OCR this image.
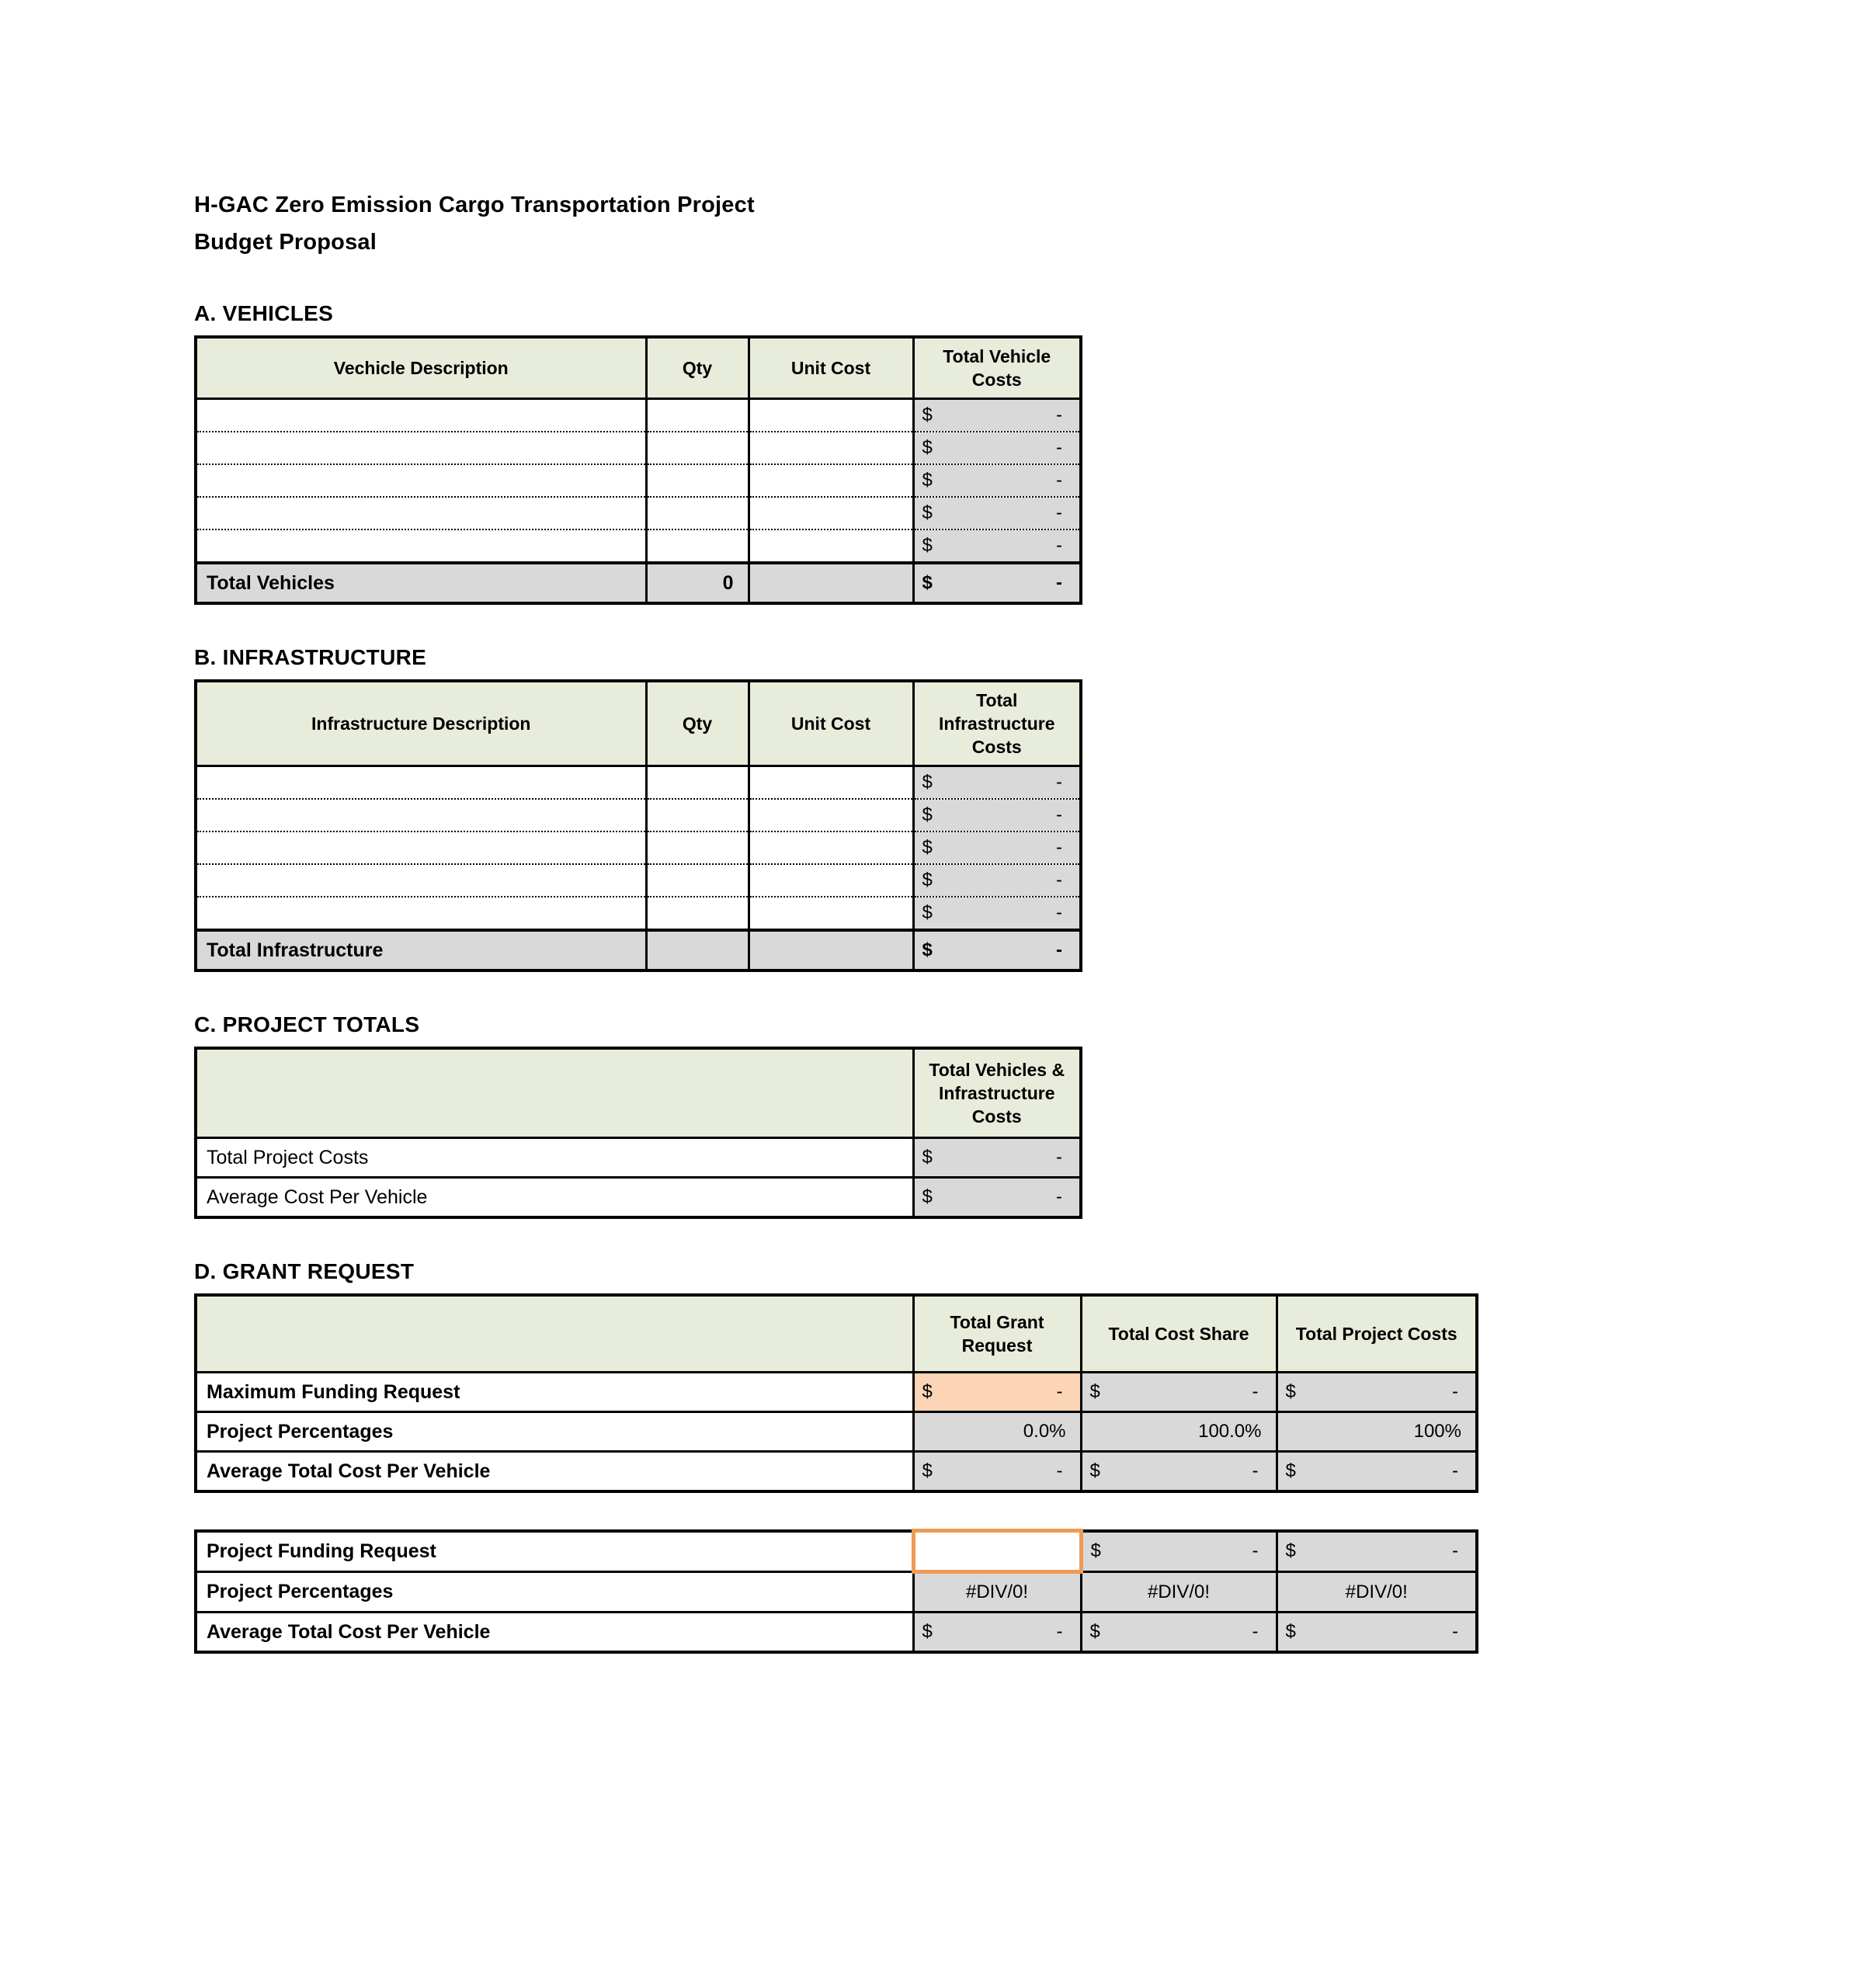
H-GAC Zero Emission Cargo Transportation Project
Budget Proposal
A. VEHICLES
Vechicle Description	Qty	Unit Cost	Total Vehicle Costs

			$ -

			$ -

			$ -

			$ -

			$ -

Total Vehicles	0		$ -
B. INFRASTRUCTURE
Infrastructure Description	Qty	Unit Cost	Total Infrastructure Costs

			$ -

			$ -

			$ -

			$ -

			$ -

Total Infrastructure			$ -
C. PROJECT TOTALS
	Total Vehicles & Infrastructure Costs
Total Project Costs	$ -

Average Cost Per Vehicle	$ -
D. GRANT REQUEST
	Total Grant Request	Total Cost Share	Total Project Costs
Maximum Funding Request	$ -	$ -	$ -

Project Percentages	0.0%	100.0%	100%
Average Total Cost Per Vehicle	$ -	$ -	$ -
Project Funding Request		$ -	$ -

Project Percentages	#DIV/0!	#DIV/0!	#DIV/0!
Average Total Cost Per Vehicle	$ -	$ -	$ -
